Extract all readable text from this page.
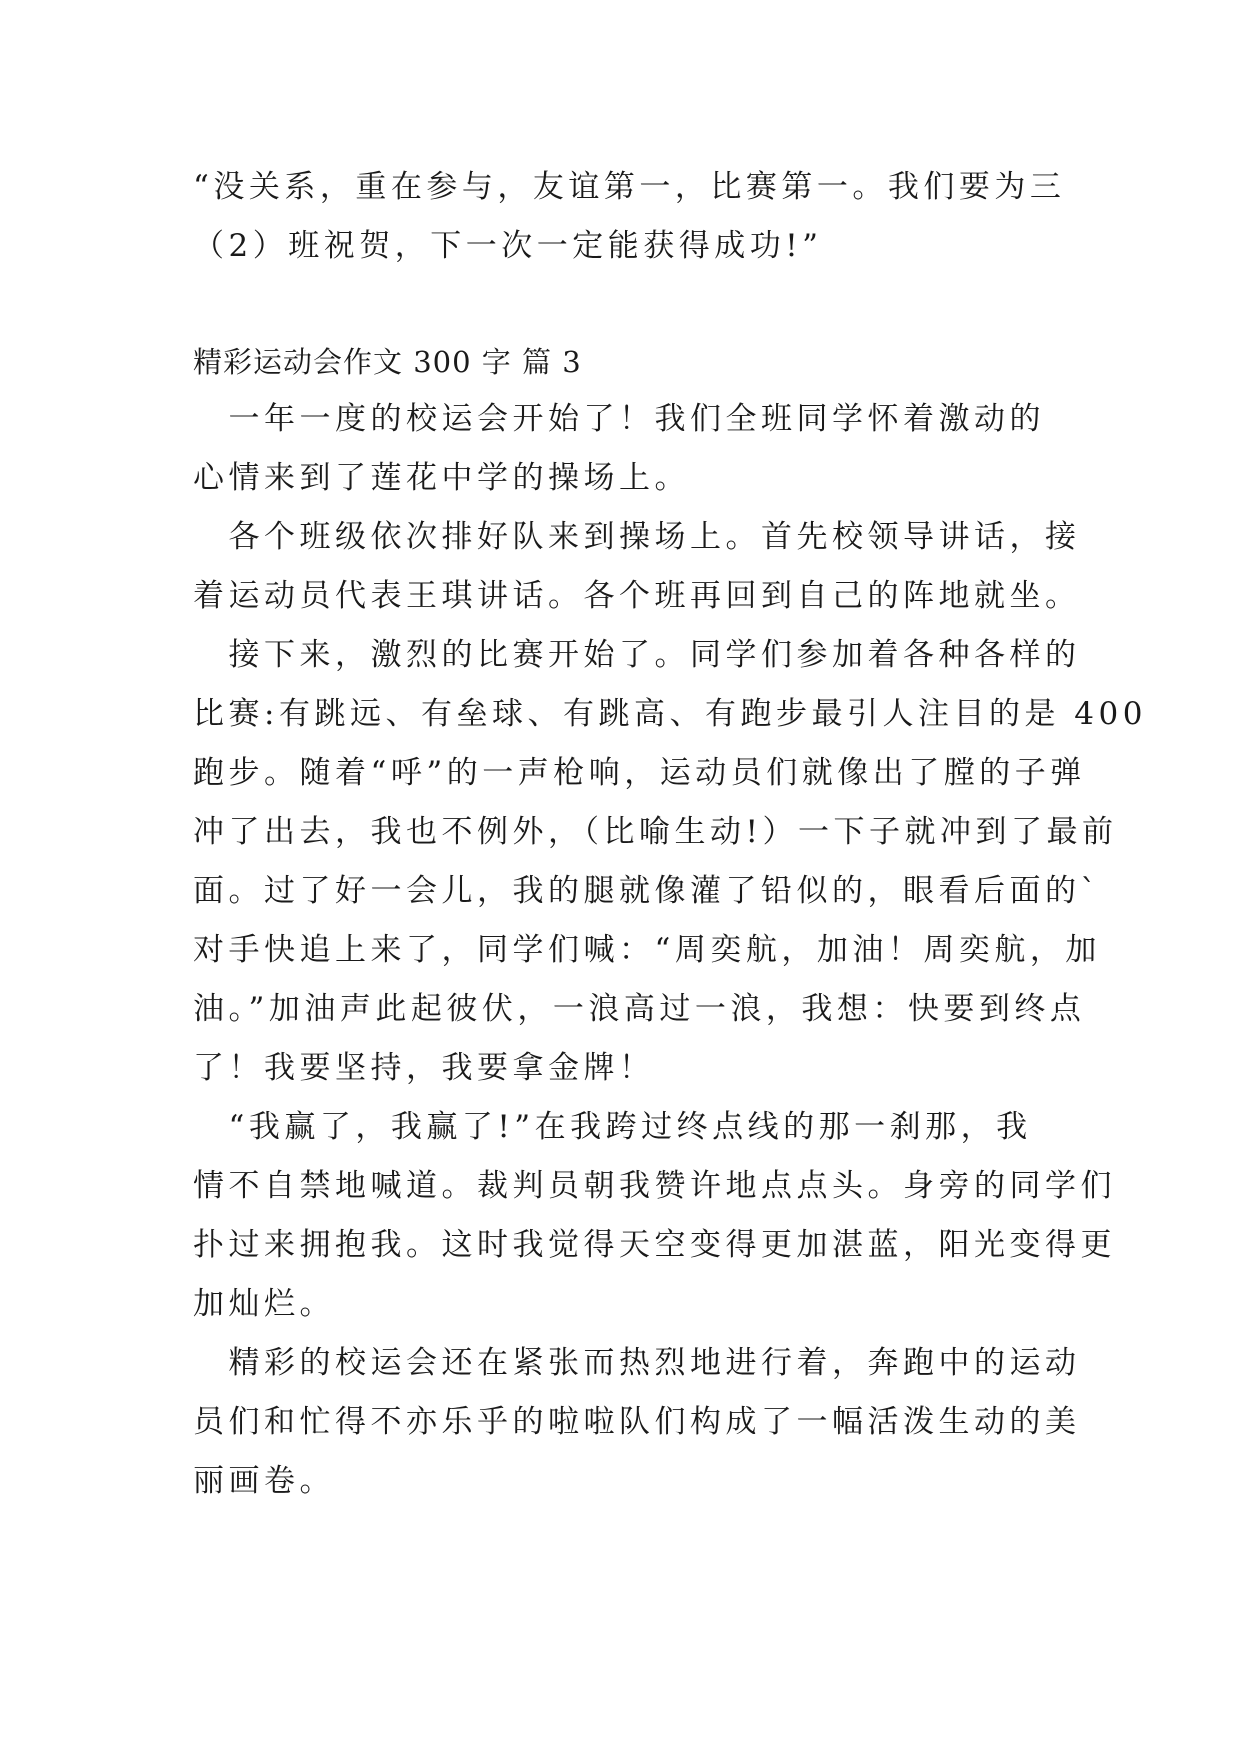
“没关系，重在参与，友谊第一，比赛第一。我们要为三
（2）班祝贺，下一次一定能获得成功!”
精彩运动会作文 300 字 篇 3
　一年一度的校运会开始了！我们全班同学怀着激动的
心情来到了莲花中学的操场上。
　各个班级依次排好队来到操场上。首先校领导讲话，接
着运动员代表王琪讲话。各个班再回到自己的阵地就坐。
　接下来，激烈的比赛开始了。同学们参加着各种各样的
比赛:有跳远、有垒球、有跳高、有跑步最引人注目的是 400
跑步。随着“呼”的一声枪响，运动员们就像出了膛的子弹
冲了出去，我也不例外，（比喻生动!）一下子就冲到了最前
面。过了好一会儿，我的腿就像灌了铅似的，眼看后面的`
对手快追上来了，同学们喊：“周奕航，加油！周奕航，加
油。”加油声此起彼伏，一浪高过一浪，我想：快要到终点
了！我要坚持，我要拿金牌！
　“我赢了，我赢了!”在我跨过终点线的那一刹那，我
情不自禁地喊道。裁判员朝我赞许地点点头。身旁的同学们
扑过来拥抱我。这时我觉得天空变得更加湛蓝，阳光变得更
加灿烂。
　精彩的校运会还在紧张而热烈地进行着，奔跑中的运动
员们和忙得不亦乐乎的啦啦队们构成了一幅活泼生动的美
丽画卷。
